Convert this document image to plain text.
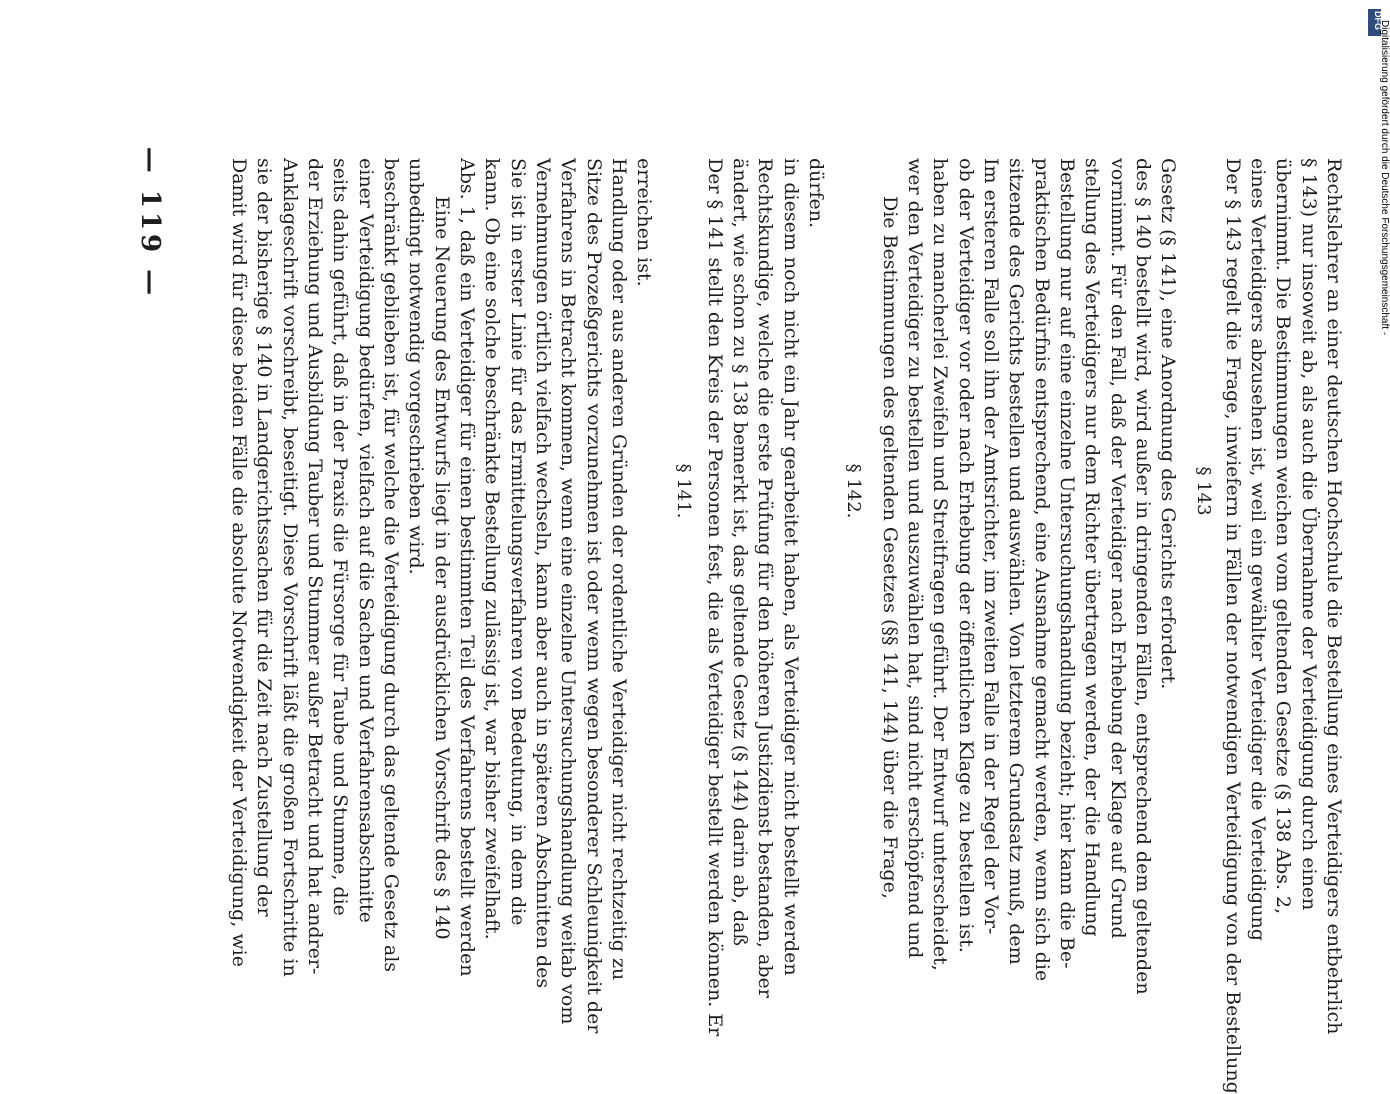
— 119 —	Damit wird für diese beiden Fälle die absolute Notwendigkeit der Verteidigung, wie sie der bisherige § 140 in Landgerichtssachen für die Zeit nach Zustellung der Anklageschrift vorschreibt, beseitigt. Diese Vorschrift läßt die großen Fortschritte in der Erziehung und Ausbildung Tauber und Stummer außer Betracht und hat andrer- seits dahin geführt, daß in der Praxis die Fürsorge für Taube und Stumme, die einer Verteidigung bedürfen, vielfach auf die Sachen und Verfahrensabschnitte beschränkt geblieben ist, für welche die Verteidigung durch das geltende Gesetz als unbedingt notwendig vorgeschrieben wird. Eine Neuerung des Entwurfs liegt in der ausdrücklichen Vorschrift des § 140 Abs. 1, daß ein Verteidiger für einen bestimmten Teil des Verfahrens bestellt werden kann. Ob eine solche beschränkte Bestellung zulässig ist, war bisher zweifelhaft. Sie ist in erster Linie für das Ermittelungsverfahren von Bedeutung, in dem die Vernehmungen örtlich vielfach wechseln, kann aber auch in späteren Abschnitten des Verfahrens in Betracht kommen, wenn eine einzelne Untersuchungshandlung weitab vom Sitze des Prozeßgerichts vorzunehmen ist oder wenn wegen besonderer Schleunigkeit der Handlung oder aus anderen Gründen der ordentliche Verteidiger nicht rechtzeitig zu erreichen ist.
§ 141. Der § 141 stellt den Kreis der Personen fest, die als Verteidiger bestellt werden können. Er ändert, wie schon zu § 138 bemerkt ist, das geltende Gesetz (§ 144) darin ab, daß Rechtskundige, welche die erste Prüfung für den höheren Justizdienst bestanden, aber in diesem noch nicht ein Jahr gearbeitet haben, als Verteidiger nicht bestellt werden dürfen.
§ 142. Die Bestimmungen des geltenden Gesetzes (§§ 141, 144) über die Frage, wer den Verteidiger zu bestellen und auszuwählen hat, sind nicht erschöpfend und haben zu mancherlei Zweifeln und Streitfragen geführt. Der Entwurf unterscheidet, ob der Verteidiger vor oder nach Erhebung der öffentlichen Klage zu bestellen ist. Im ersteren Falle soll ihn der Amtsrichter, im zweiten Falle in der Regel der Vor- sitzende des Gerichts bestellen und auswählen. Von letzterem Grundsatz muß, dem praktischen Bedürfnis entsprechend, eine Ausnahme gemacht werden, wenn sich die Bestellung nur auf eine einzelne Untersuchungshandlung bezieht; hier kann die Be- stellung des Verteidigers nur dem Richter übertragen werden, der die Handlung vornimmt. Für den Fall, daß der Verteidiger nach Erhebung der Klage auf Grund des § 140 bestellt wird, wird außer in dringenden Fällen, entsprechend dem geltenden Gesetz (§ 141), eine Anordnung des Gerichts erfordert. § 143 Der § 143 regelt die Frage, inwiefern in Fällen der notwendigen Verteidigung von der Bestellung eines Verteidigers abzusehen ist, weil ein gewählter Verteidiger die Verteidigung übernimmt. Die Bestimmungen weichen vom geltenden Gesetze (§ 138 Abs. 2, § 143) nur insoweit ab, als auch die Übernahme der Verteidigung durch einen Rechtslehrer an einer deutschen Hochschule die Bestellung eines Verteidigers entbehrlich
DFG
Digitalisierung gefördert durch die Deutsche Forschungsgemeinschaft -
